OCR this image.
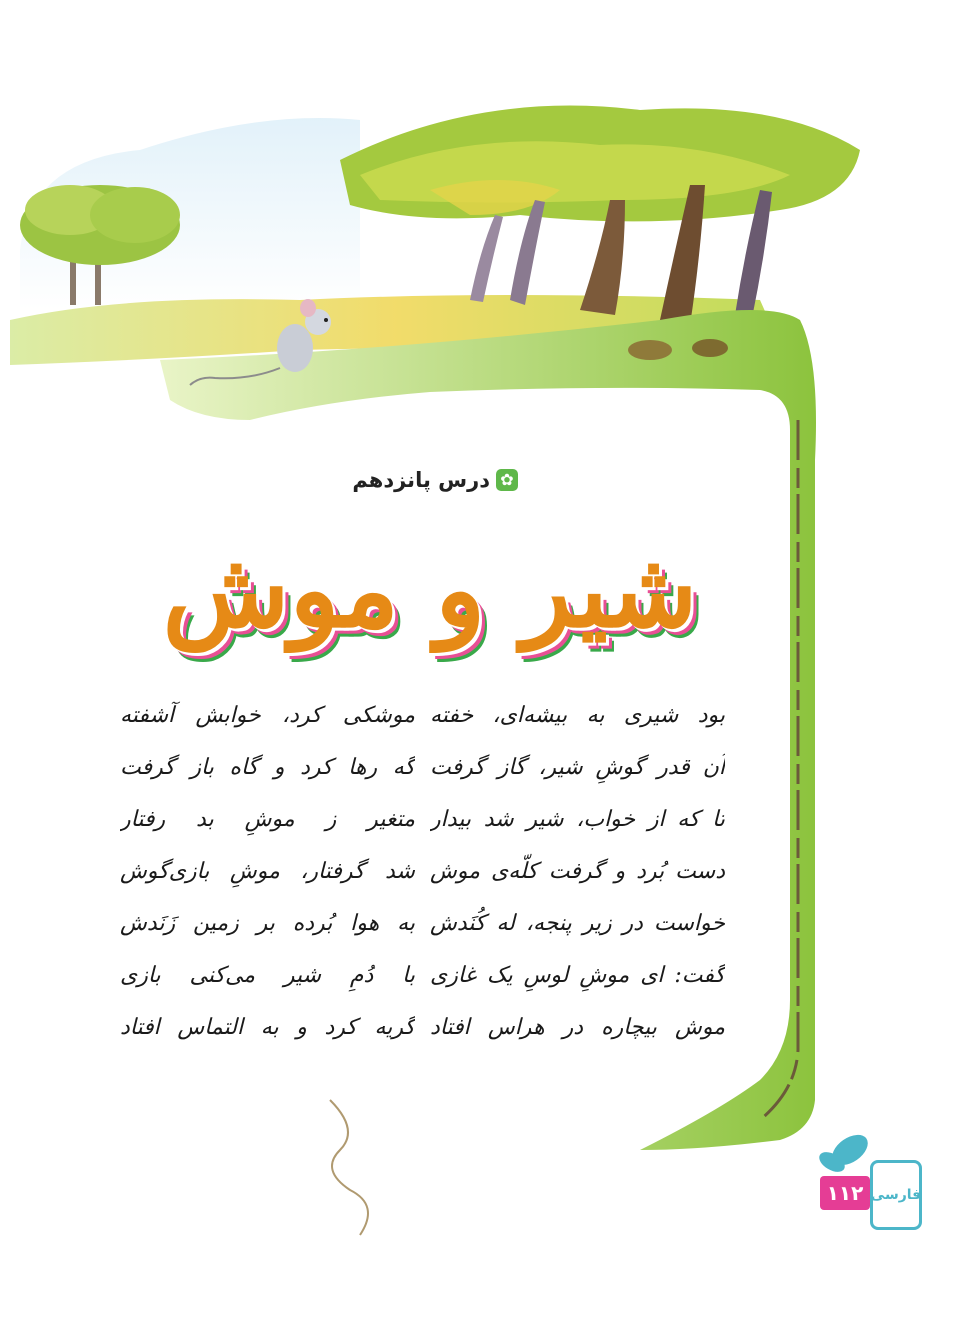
✿
درس پانزدهم
شیر و موش
بود شیری به بیشه‌ای، خفته
آن قدر گوشِ شیر، گاز گرفت
تا که از خواب، شیر شد بیدار
دست بُرد و گرفت کلّه‌ی موش
خواست در زیر پنجه، له کُنَدش
گفت: ای موشِ لوسِ یک غازی
موش بیچاره در هراس افتاد
موشکی کرد، خوابش آشفته
گه رها کرد و گاه باز گرفت
متغیر ز موشِ بد رفتار
شد گرفتار، موشِ بازی‌گوش
به هوا بُرده بر زمین زَنَدش
با دُمِ شیر می‌کنی بازی
گریه کرد و به التماس افتاد
۱۱۲ فارسی
